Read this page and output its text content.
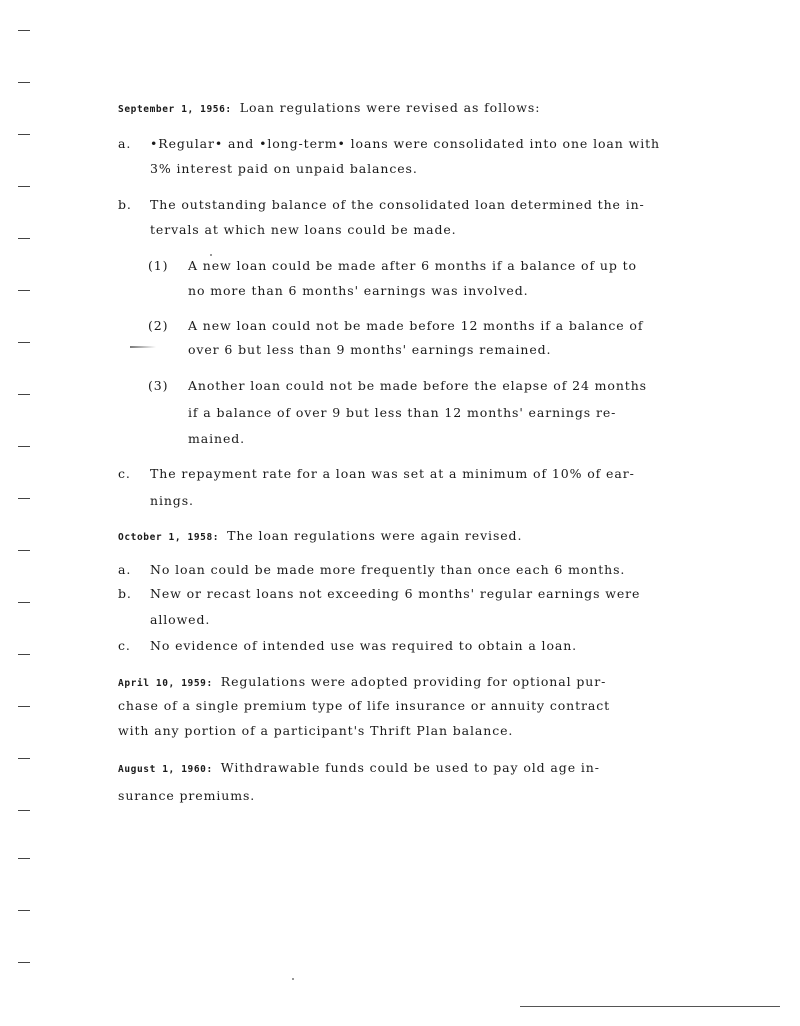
September 1, 1956: Loan regulations were revised as follows:
a. •Regular• and •long-term• loans were consolidated into one loan with
3% interest paid on unpaid balances.
b. The outstanding balance of the consolidated loan determined the in-
tervals at which new loans could be made.
(1) A new loan could be made after 6 months if a balance of up to
no more than 6 months' earnings was involved.
(2) A new loan could not be made before 12 months if a balance of
over 6 but less than 9 months' earnings remained.
(3) Another loan could not be made before the elapse of 24 months
if a balance of over 9 but less than 12 months' earnings re-
mained.
c. The repayment rate for a loan was set at a minimum of 10% of ear-
nings.
October 1, 1958: The loan regulations were again revised.
a. No loan could be made more frequently than once each 6 months.
b. New or recast loans not exceeding 6 months' regular earnings were
allowed.
c. No evidence of intended use was required to obtain a loan.
April 10, 1959: Regulations were adopted providing for optional pur-
chase of a single premium type of life insurance or annuity contract
with any portion of a participant's Thrift Plan balance.
August 1, 1960: Withdrawable funds could be used to pay old age in-
surance premiums.
